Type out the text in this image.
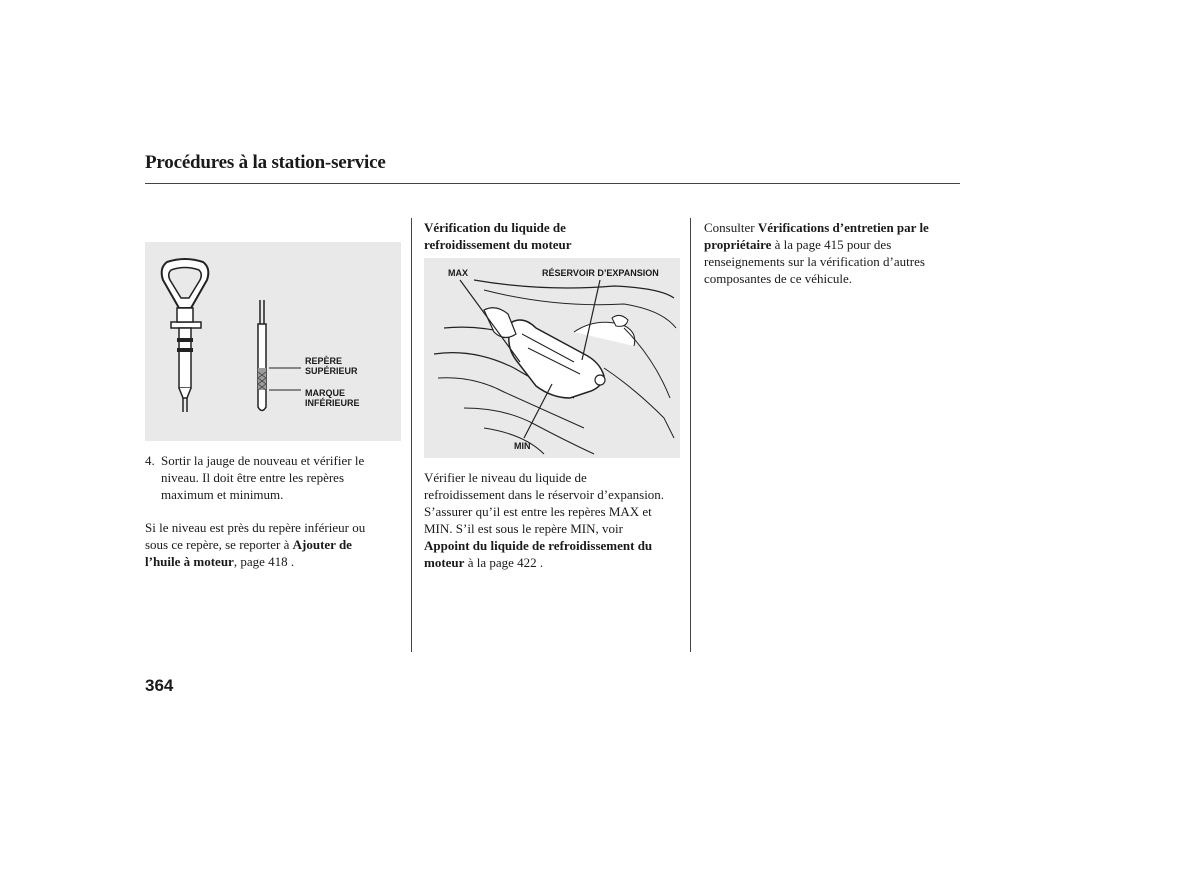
Procédures à la station-service
REPÈRE
SUPÉRIEUR
MARQUE
INFÉRIEURE
4. Sortir la jauge de nouveau et vérifier le

niveau. Il doit être entre les repères
maximum et minimum.
Si le niveau est près du repère inférieur ou
sous ce repère, se reporter à Ajouter de
l’huile à moteur, page 418 .
Vérification du liquide de
refroidissement du moteur
MAX	RÉSERVOIR D’EXPANSION
MIN
Vérifier le niveau du liquide de
refroidissement dans le réservoir d’expansion.
S’assurer qu’il est entre les repères MAX et
MIN. S’il est sous le repère MIN, voir
Appoint du liquide de refroidissement du
moteur à la page 422 .
Consulter Vérifications d’entretien par le
propriétaire à la page 415 pour des
renseignements sur la vérification d’autres
composantes de ce véhicule.
364
